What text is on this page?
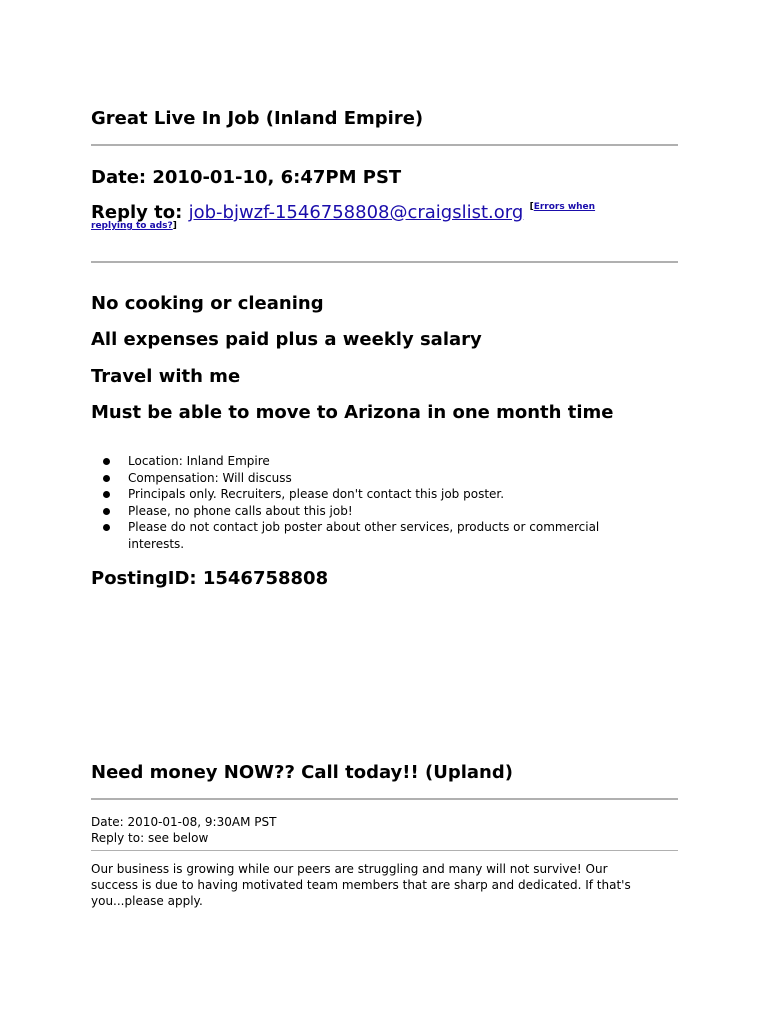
Great Live In Job (Inland Empire)
Date: 2010-01-10, 6:47PM PST
Reply to: job-bjwzf-1546758808@craigslist.org $^{[Errors when}$
replying to ads?]
No cooking or cleaning
All expenses paid plus a weekly salary
Travel with me
Must be able to move to Arizona in one month time
Location: Inland Empire
Compensation: Will discuss
Principals only. Recruiters, please don't contact this job poster.
Please, no phone calls about this job!
Please do not contact job poster about other services, products or commercial interests.
PostingID: 1546758808
Need money NOW?? Call today!! (Upland)
Date: 2010-01-08, 9:30AM PST
Reply to: see below

Our business is growing while our peers are struggling and many will not survive! Our success is due to having motivated team members that are sharp and dedicated. If that's you...please apply.
